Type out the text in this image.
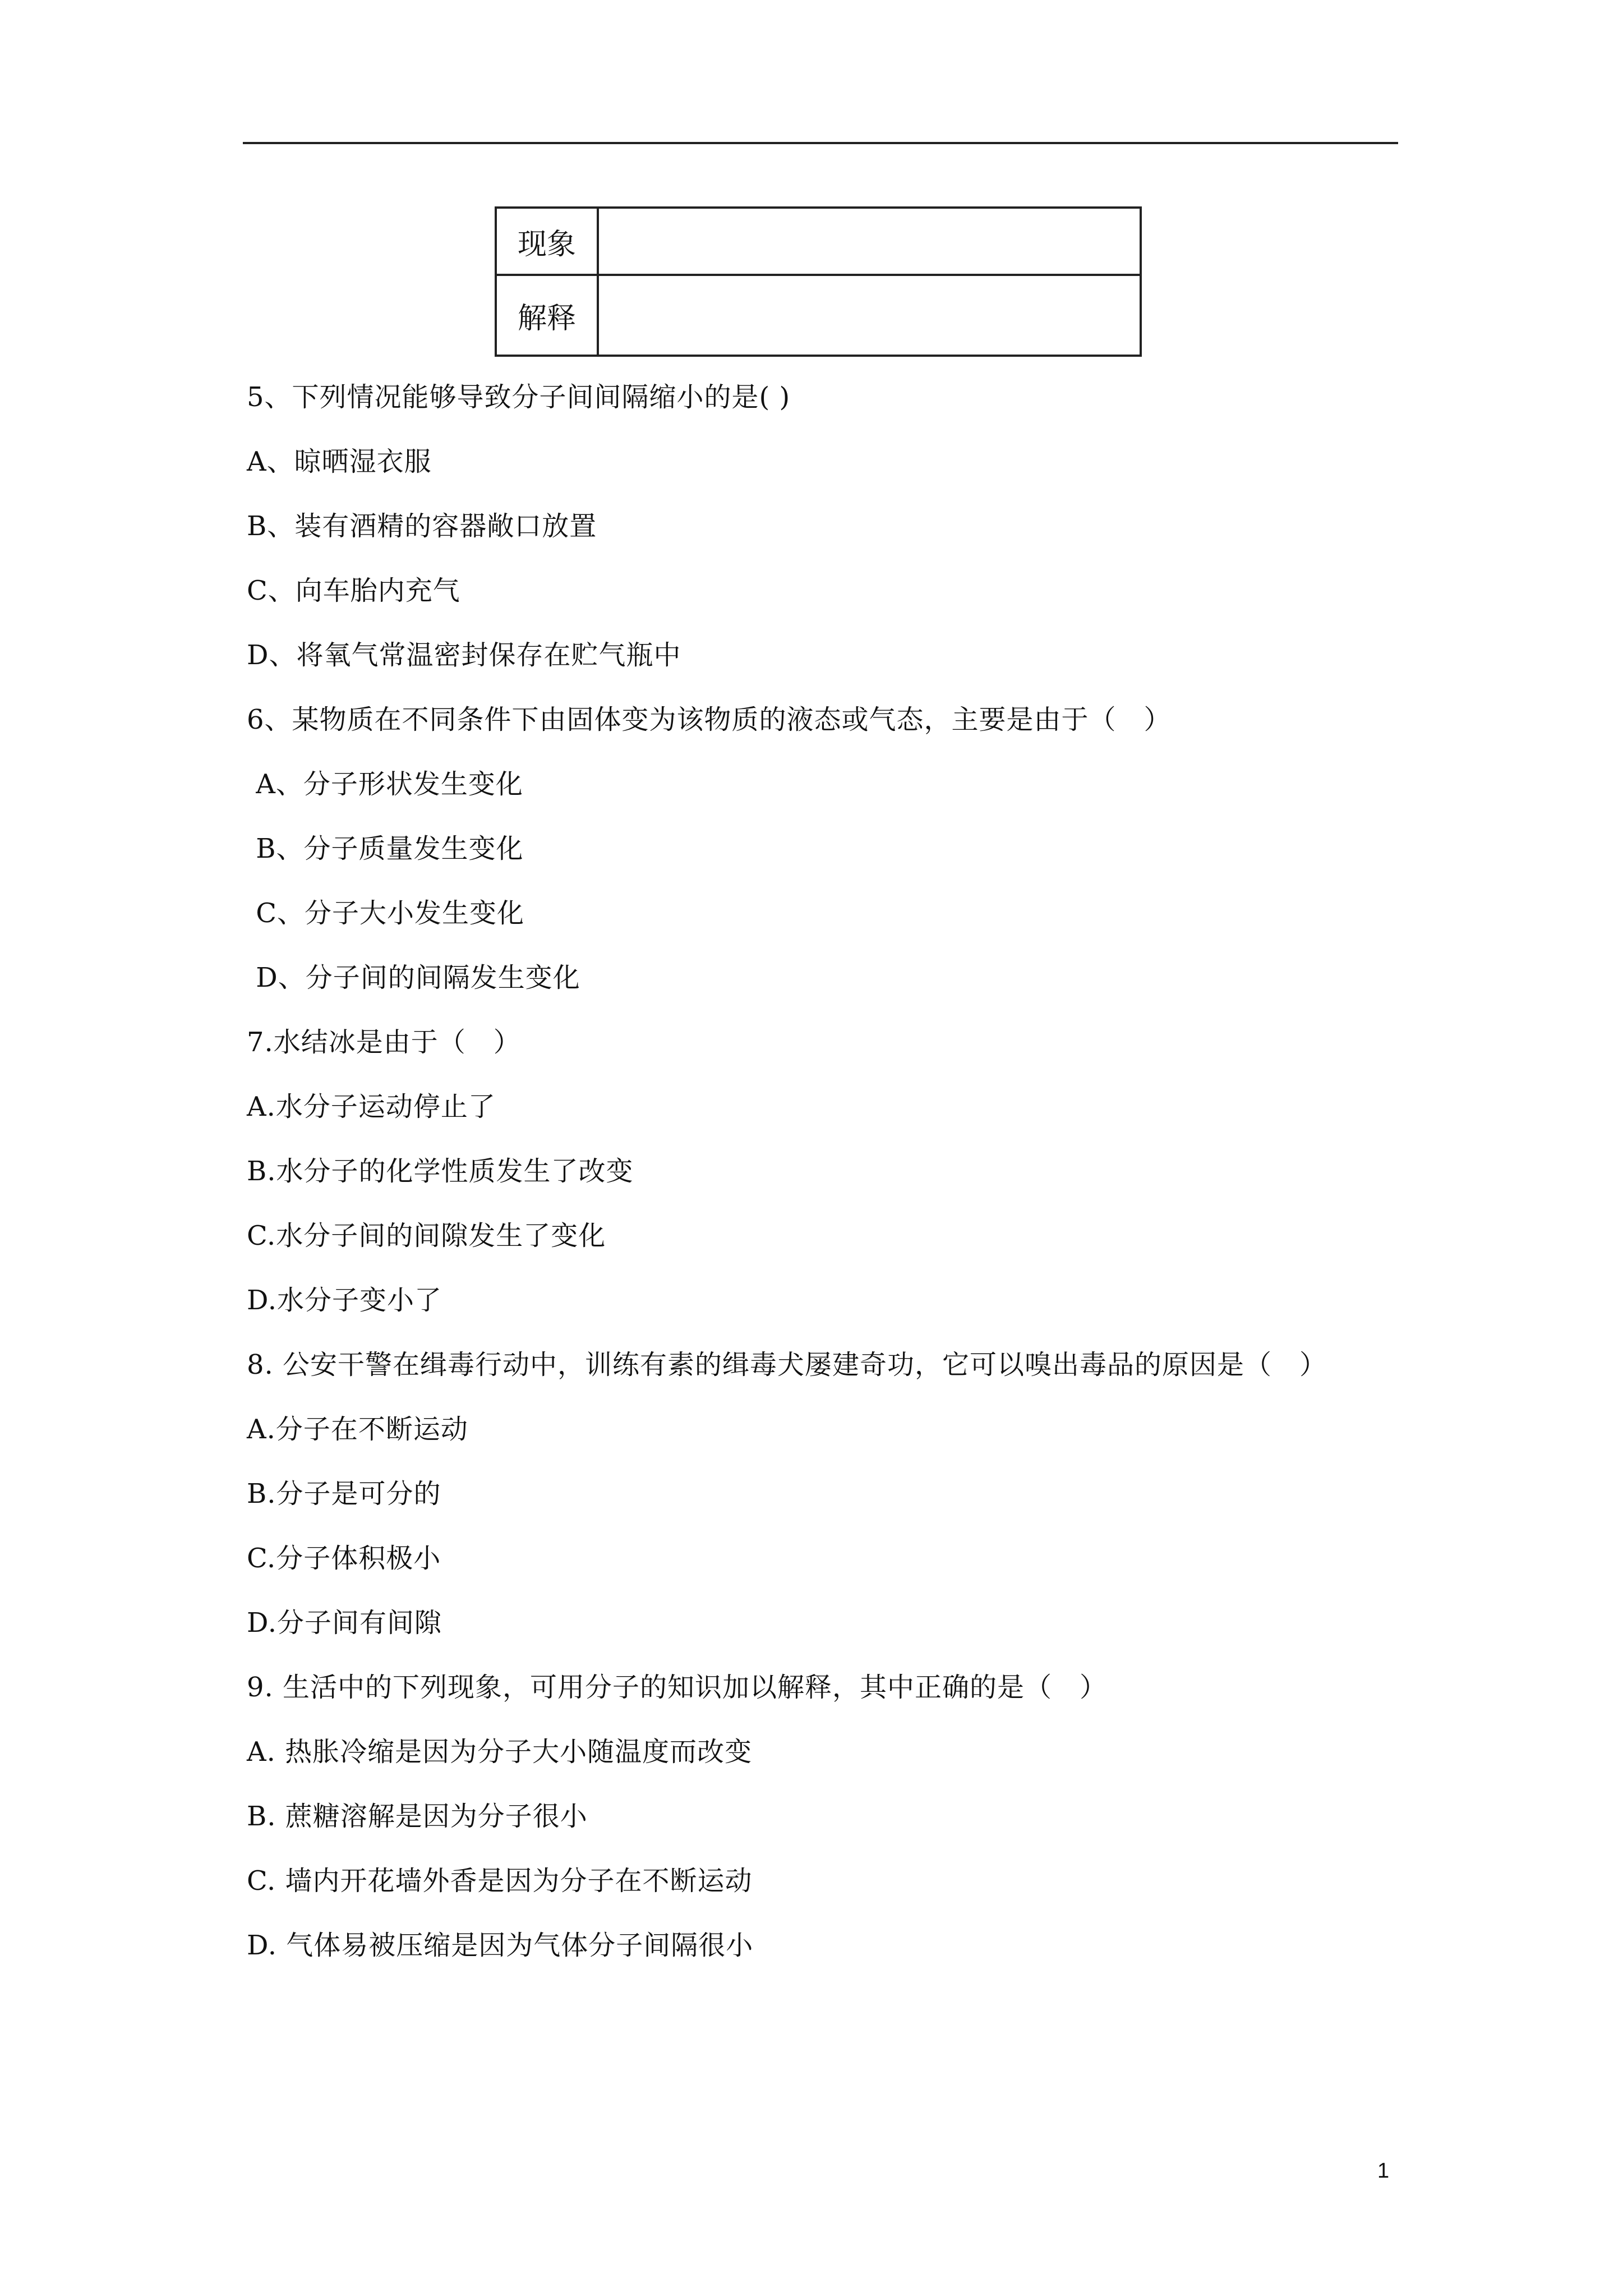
现象	
解释	
5、下列情况能够导致分子间间隔缩小的是( )
A、晾晒湿衣服
B、装有酒精的容器敞口放置
C、向车胎内充气
D、将氧气常温密封保存在贮气瓶中
6、某物质在不同条件下由固体变为该物质的液态或气态，主要是由于（　）
A、分子形状发生变化
B、分子质量发生变化
C、分子大小发生变化
D、分子间的间隔发生变化
7.水结冰是由于（　）
A.水分子运动停止了
B.水分子的化学性质发生了改变
C.水分子间的间隙发生了变化
D.水分子变小了
8. 公安干警在缉毒行动中，训练有素的缉毒犬屡建奇功，它可以嗅出毒品的原因是（　）
A.分子在不断运动
B.分子是可分的
C.分子体积极小
D.分子间有间隙
9. 生活中的下列现象，可用分子的知识加以解释，其中正确的是（　）
A. 热胀冷缩是因为分子大小随温度而改变
B. 蔗糖溶解是因为分子很小
C. 墙内开花墙外香是因为分子在不断运动
D. 气体易被压缩是因为气体分子间隔很小
1
